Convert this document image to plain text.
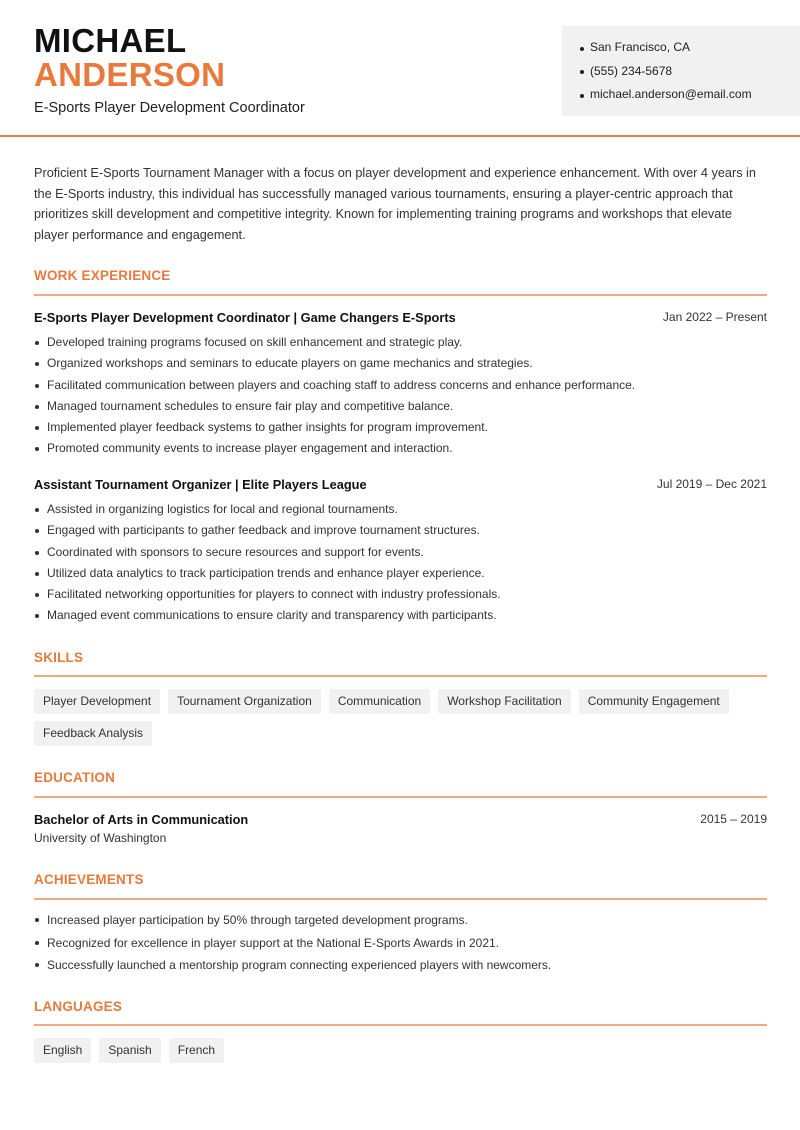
MICHAEL
ANDERSON
E-Sports Player Development Coordinator
San Francisco, CA
(555) 234-5678
michael.anderson@email.com

Proficient E-Sports Tournament Manager with a focus on player development and experience enhancement. With over 4 years in the E-Sports industry, this individual has successfully managed various tournaments, ensuring a player-centric approach that prioritizes skill development and competitive integrity. Known for implementing training programs and workshops that elevate player performance and engagement.

WORK EXPERIENCE
E-Sports Player Development Coordinator | Game Changers E-Sports	Jan 2022 – Present
Developed training programs focused on skill enhancement and strategic play.
Organized workshops and seminars to educate players on game mechanics and strategies.
Facilitated communication between players and coaching staff to address concerns and enhance performance.
Managed tournament schedules to ensure fair play and competitive balance.
Implemented player feedback systems to gather insights for program improvement.
Promoted community events to increase player engagement and interaction.
Assistant Tournament Organizer | Elite Players League	Jul 2019 – Dec 2021
Assisted in organizing logistics for local and regional tournaments.
Engaged with participants to gather feedback and improve tournament structures.
Coordinated with sponsors to secure resources and support for events.
Utilized data analytics to track participation trends and enhance player experience.
Facilitated networking opportunities for players to connect with industry professionals.
Managed event communications to ensure clarity and transparency with participants.
SKILLS
Player Development	Tournament Organization	Communication	Workshop Facilitation	Community Engagement
Feedback Analysis
EDUCATION
Bachelor of Arts in Communication	2015 – 2019
University of Washington
ACHIEVEMENTS
Increased player participation by 50% through targeted development programs.
Recognized for excellence in player support at the National E-Sports Awards in 2021.
Successfully launched a mentorship program connecting experienced players with newcomers.
LANGUAGES
English	Spanish	French
